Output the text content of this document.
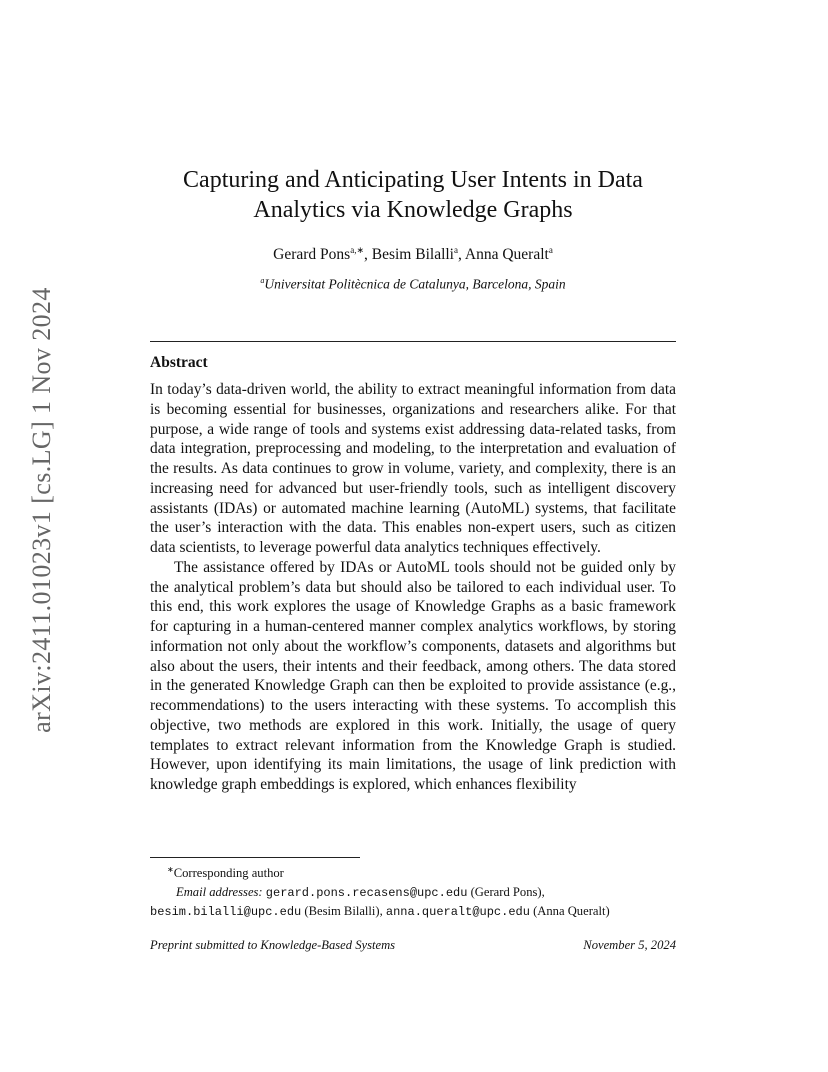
arXiv:2411.01023v1 [cs.LG] 1 Nov 2024
Capturing and Anticipating User Intents in Data
Analytics via Knowledge Graphs
Gerard Pons$^{a,∗}$, Besim Bilalli$^a$, Anna Queralt$^a$
$^a$Universitat Politècnica de Catalunya, Barcelona, Spain
Abstract

In today’s data-driven world, the ability to extract meaningful information from data is becoming essential for businesses, organizations and researchers alike. For that purpose, a wide range of tools and systems exist addressing data-related tasks, from data integration, preprocessing and modeling, to the interpretation and evaluation of the results. As data continues to grow in volume, variety, and complexity, there is an increasing need for advanced but user-friendly tools, such as intelligent discovery assistants (IDAs) or automated machine learning (AutoML) systems, that facilitate the user’s interaction with the data. This enables non-expert users, such as citizen data scientists, to leverage powerful data analytics techniques effectively.

The assistance offered by IDAs or AutoML tools should not be guided only by the analytical problem’s data but should also be tailored to each individual user. To this end, this work explores the usage of Knowledge Graphs as a basic framework for capturing in a human-centered manner complex analytics workflows, by storing information not only about the workflow’s components, datasets and algorithms but also about the users, their intents and their feedback, among others. The data stored in the generated Knowledge Graph can then be exploited to provide assistance (e.g., recommendations) to the users interacting with these systems. To accomplish this objective, two methods are explored in this work. Initially, the usage of query templates to extract relevant information from the Knowledge Graph is studied. However, upon identifying its main limitations, the usage of link prediction with knowledge graph embeddings is explored, which enhances flexibility

∗Corresponding author
Email addresses: gerard.pons.recasens@upc.edu (Gerard Pons),
besim.bilalli@upc.edu (Besim Bilalli), anna.queralt@upc.edu (Anna Queralt)
Preprint submitted to Knowledge-Based Systems	November 5, 2024
